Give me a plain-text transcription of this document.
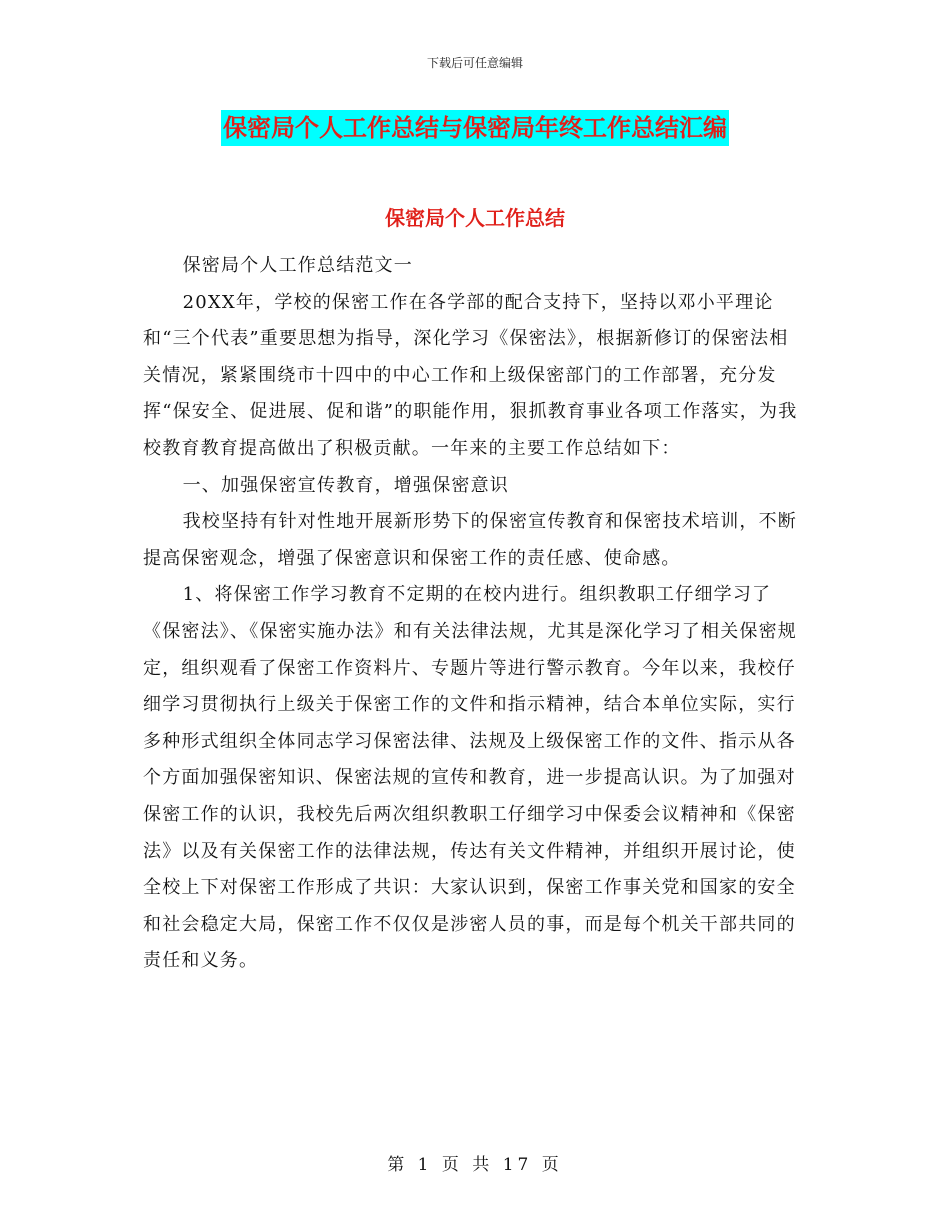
下载后可任意编辑
保密局个人工作总结与保密局年终工作总结汇编
保密局个人工作总结

保密局个人工作总结范文一

20XX年，学校的保密工作在各学部的配合支持下，坚持以邓小平理论和“三个代表”重要思想为指导，深化学习《保密法》，根据新修订的保密法相关情况，紧紧围绕市十四中的中心工作和上级保密部门的工作部署，充分发挥“保安全、促进展、促和谐”的职能作用，狠抓教育事业各项工作落实，为我校教育教育提高做出了积极贡献。一年来的主要工作总结如下：

一、加强保密宣传教育，增强保密意识

我校坚持有针对性地开展新形势下的保密宣传教育和保密技术培训，不断提高保密观念，增强了保密意识和保密工作的责任感、使命感。

1、将保密工作学习教育不定期的在校内进行。组织教职工仔细学习了《保密法》、《保密实施办法》和有关法律法规，尤其是深化学习了相关保密规定，组织观看了保密工作资料片、专题片等进行警示教育。今年以来，我校仔细学习贯彻执行上级关于保密工作的文件和指示精神，结合本单位实际，实行多种形式组织全体同志学习保密法律、法规及上级保密工作的文件、指示从各个方面加强保密知识、保密法规的宣传和教育，进一步提高认识。为了加强对保密工作的认识，我校先后两次组织教职工仔细学习中保委会议精神和《保密法》以及有关保密工作的法律法规，传达有关文件精神，并组织开展讨论，使全校上下对保密工作形成了共识：大家认识到，保密工作事关党和国家的安全和社会稳定大局，保密工作不仅仅是涉密人员的事，而是每个机关干部共同的责任和义务。

第 1 页 共 17 页
